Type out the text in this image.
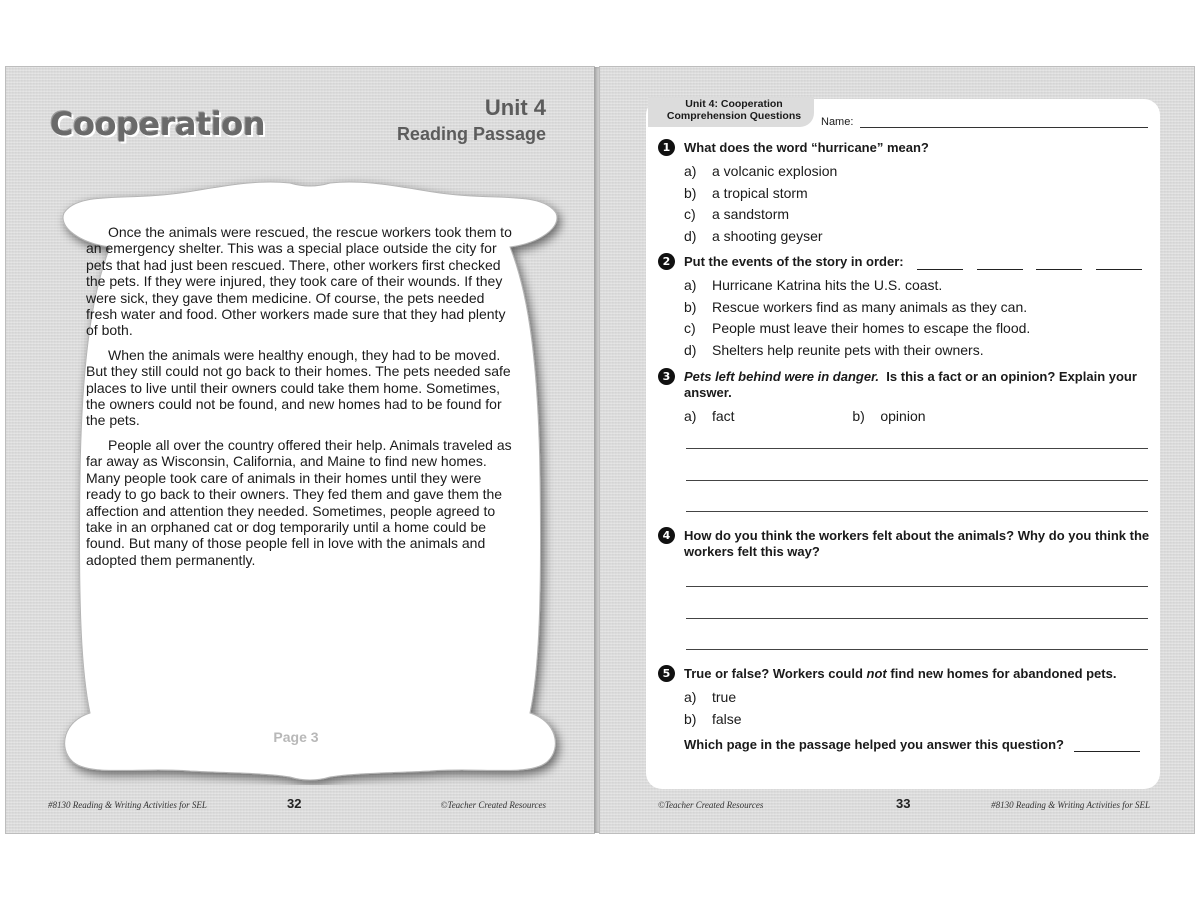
Cooperation	Unit 4
Reading Passage

Once the animals were rescued, the rescue workers took them to an emergency shelter. This was a special place outside the city for pets that had just been rescued. There, other workers first checked the pets. If they were injured, they took care of their wounds. If they were sick, they gave them medicine. Of course, the pets needed fresh water and food. Other workers made sure that they had plenty of both.

When the animals were healthy enough, they had to be moved. But they still could not go back to their homes. The pets needed safe places to live until their owners could take them home. Sometimes, the owners could not be found, and new homes had to be found for the pets.

People all over the country offered their help. Animals traveled as far away as Wisconsin, California, and Maine to find new homes. Many people took care of animals in their homes until they were ready to go back to their owners. They fed them and gave them the affection and attention they needed. Sometimes, people agreed to take in an orphaned cat or dog temporarily until a home could be found. But many of those people fell in love with the animals and adopted them permanently.

Page 3
#8130 Reading & Writing Activities for SEL	32	©Teacher Created Resources
Unit 4: Cooperation
Comprehension Questions	Name:
1	What does the word “hurricane” mean?
a) a volcanic explosion
b) a tropical storm
c) a sandstorm
d) a shooting geyser
2	Put the events of the story in order:
a) Hurricane Katrina hits the U.S. coast.
b) Rescue workers find as many animals as they can.
c) People must leave their homes to escape the flood.
d) Shelters help reunite pets with their owners.
3	Pets left behind were in danger. Is this a fact or an opinion? Explain your answer.
a) fact	b) opinion
4	How do you think the workers felt about the animals? Why do you think the workers felt this way?
5	True or false? Workers could not find new homes for abandoned pets.
a) true
b) false
Which page in the passage helped you answer this question?
©Teacher Created Resources	33	#8130 Reading & Writing Activities for SEL
